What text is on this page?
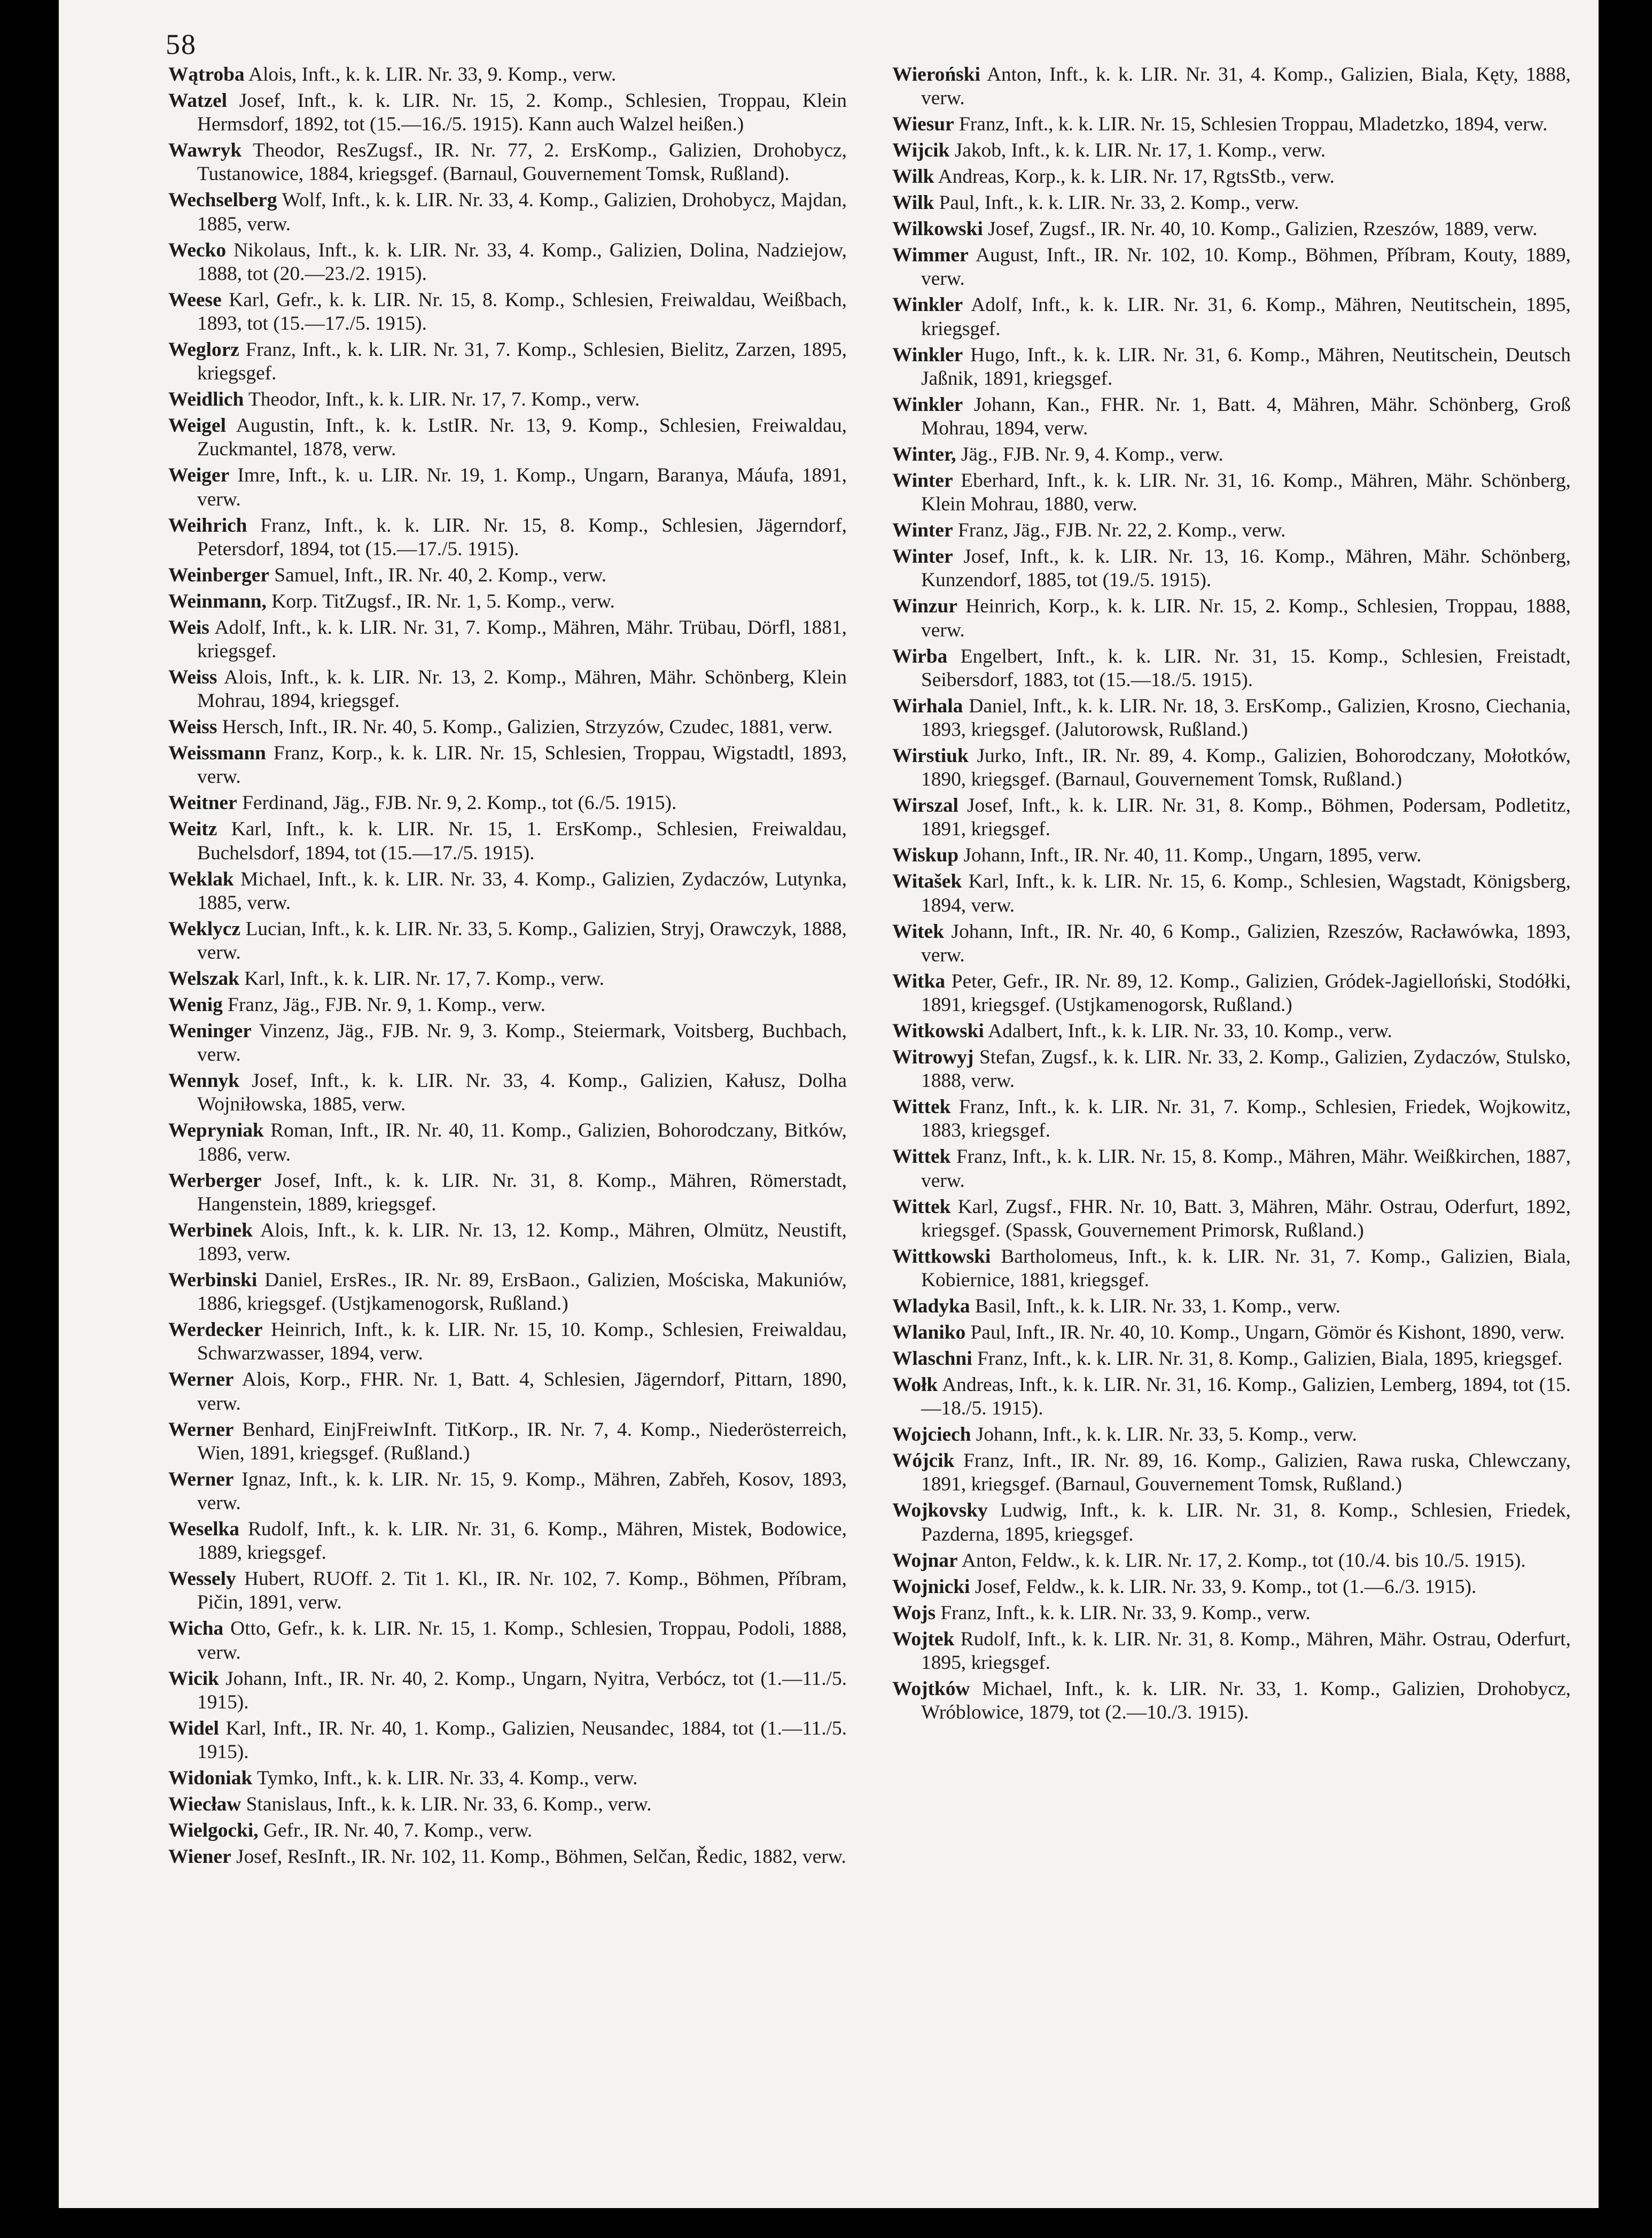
58

Wątroba Alois, Inft., k. k. LIR. Nr. 33, 9. Komp., verw.

Watzel Josef, Inft., k. k. LIR. Nr. 15, 2. Komp., Schlesien, Troppau, Klein Hermsdorf, 1892, tot (15.—16./5. 1915). Kann auch Walzel heißen.)

Wawryk Theodor, ResZugsf., IR. Nr. 77, 2. ErsKomp., Galizien, Drohobycz, Tustanowice, 1884, kriegsgef. (Barnaul, Gouvernement Tomsk, Rußland).

Wechselberg Wolf, Inft., k. k. LIR. Nr. 33, 4. Komp., Galizien, Drohobycz, Majdan, 1885, verw.

Wecko Nikolaus, Inft., k. k. LIR. Nr. 33, 4. Komp., Galizien, Dolina, Nadziejow, 1888, tot (20.—23./2. 1915).

Weese Karl, Gefr., k. k. LIR. Nr. 15, 8. Komp., Schlesien, Freiwaldau, Weißbach, 1893, tot (15.—17./5. 1915).

Weglorz Franz, Inft., k. k. LIR. Nr. 31, 7. Komp., Schlesien, Bielitz, Zarzen, 1895, kriegsgef.

Weidlich Theodor, Inft., k. k. LIR. Nr. 17, 7. Komp., verw.

Weigel Augustin, Inft., k. k. LstIR. Nr. 13, 9. Komp., Schlesien, Freiwaldau, Zuckmantel, 1878, verw.

Weiger Imre, Inft., k. u. LIR. Nr. 19, 1. Komp., Ungarn, Baranya, Máufa, 1891, verw.

Weihrich Franz, Inft., k. k. LIR. Nr. 15, 8. Komp., Schlesien, Jägerndorf, Petersdorf, 1894, tot (15.—17./5. 1915).

Weinberger Samuel, Inft., IR. Nr. 40, 2. Komp., verw.

Weinmann, Korp. TitZugsf., IR. Nr. 1, 5. Komp., verw.

Weis Adolf, Inft., k. k. LIR. Nr. 31, 7. Komp., Mähren, Mähr. Trübau, Dörfl, 1881, kriegsgef.

Weiss Alois, Inft., k. k. LIR. Nr. 13, 2. Komp., Mähren, Mähr. Schönberg, Klein Mohrau, 1894, kriegsgef.

Weiss Hersch, Inft., IR. Nr. 40, 5. Komp., Galizien, Strzyzów, Czudec, 1881, verw.

Weissmann Franz, Korp., k. k. LIR. Nr. 15, Schlesien, Troppau, Wigstadtl, 1893, verw.

Weitner Ferdinand, Jäg., FJB. Nr. 9, 2. Komp., tot (6./5. 1915).

Weitz Karl, Inft., k. k. LIR. Nr. 15, 1. ErsKomp., Schlesien, Freiwaldau, Buchelsdorf, 1894, tot (15.—17./5. 1915).

Weklak Michael, Inft., k. k. LIR. Nr. 33, 4. Komp., Galizien, Zydaczów, Lutynka, 1885, verw.

Weklycz Lucian, Inft., k. k. LIR. Nr. 33, 5. Komp., Galizien, Stryj, Orawczyk, 1888, verw.

Welszak Karl, Inft., k. k. LIR. Nr. 17, 7. Komp., verw.

Wenig Franz, Jäg., FJB. Nr. 9, 1. Komp., verw.

Weninger Vinzenz, Jäg., FJB. Nr. 9, 3. Komp., Steiermark, Voitsberg, Buchbach, verw.

Wennyk Josef, Inft., k. k. LIR. Nr. 33, 4. Komp., Galizien, Kałusz, Dolha Wojniłowska, 1885, verw.

Wepryniak Roman, Inft., IR. Nr. 40, 11. Komp., Galizien, Bohorodczany, Bitków, 1886, verw.

Werberger Josef, Inft., k. k. LIR. Nr. 31, 8. Komp., Mähren, Römerstadt, Hangenstein, 1889, kriegsgef.

Werbinek Alois, Inft., k. k. LIR. Nr. 13, 12. Komp., Mähren, Olmütz, Neustift, 1893, verw.

Werbinski Daniel, ErsRes., IR. Nr. 89, ErsBaon., Galizien, Mościska, Makuniów, 1886, kriegsgef. (Ustjkamenogorsk, Rußland.)

Werdecker Heinrich, Inft., k. k. LIR. Nr. 15, 10. Komp., Schlesien, Freiwaldau, Schwarzwasser, 1894, verw.

Werner Alois, Korp., FHR. Nr. 1, Batt. 4, Schlesien, Jägerndorf, Pittarn, 1890, verw.

Werner Benhard, EinjFreiwInft. TitKorp., IR. Nr. 7, 4. Komp., Niederösterreich, Wien, 1891, kriegsgef. (Rußland.)

Werner Ignaz, Inft., k. k. LIR. Nr. 15, 9. Komp., Mähren, Zabřeh, Kosov, 1893, verw.

Weselka Rudolf, Inft., k. k. LIR. Nr. 31, 6. Komp., Mähren, Mistek, Bodowice, 1889, kriegsgef.

Wessely Hubert, RUOff. 2. Tit 1. Kl., IR. Nr. 102, 7. Komp., Böhmen, Příbram, Pičin, 1891, verw.

Wicha Otto, Gefr., k. k. LIR. Nr. 15, 1. Komp., Schlesien, Troppau, Podoli, 1888, verw.

Wicik Johann, Inft., IR. Nr. 40, 2. Komp., Ungarn, Nyitra, Verbócz, tot (1.—11./5. 1915).

Widel Karl, Inft., IR. Nr. 40, 1. Komp., Galizien, Neusandec, 1884, tot (1.—11./5. 1915).

Widoniak Tymko, Inft., k. k. LIR. Nr. 33, 4. Komp., verw.

Wiecław Stanislaus, Inft., k. k. LIR. Nr. 33, 6. Komp., verw.

Wielgocki, Gefr., IR. Nr. 40, 7. Komp., verw.

Wiener Josef, ResInft., IR. Nr. 102, 11. Komp., Böhmen, Selčan, Ředic, 1882, verw.

Wieroński Anton, Inft., k. k. LIR. Nr. 31, 4. Komp., Galizien, Biala, Kęty, 1888, verw.

Wiesur Franz, Inft., k. k. LIR. Nr. 15, Schlesien Troppau, Mladetzko, 1894, verw.

Wijcik Jakob, Inft., k. k. LIR. Nr. 17, 1. Komp., verw.

Wilk Andreas, Korp., k. k. LIR. Nr. 17, RgtsStb., verw.

Wilk Paul, Inft., k. k. LIR. Nr. 33, 2. Komp., verw.

Wilkowski Josef, Zugsf., IR. Nr. 40, 10. Komp., Galizien, Rzeszów, 1889, verw.

Wimmer August, Inft., IR. Nr. 102, 10. Komp., Böhmen, Příbram, Kouty, 1889, verw.

Winkler Adolf, Inft., k. k. LIR. Nr. 31, 6. Komp., Mähren, Neutitschein, 1895, kriegsgef.

Winkler Hugo, Inft., k. k. LIR. Nr. 31, 6. Komp., Mähren, Neutitschein, Deutsch Jaßnik, 1891, kriegsgef.

Winkler Johann, Kan., FHR. Nr. 1, Batt. 4, Mähren, Mähr. Schönberg, Groß Mohrau, 1894, verw.

Winter, Jäg., FJB. Nr. 9, 4. Komp., verw.

Winter Eberhard, Inft., k. k. LIR. Nr. 31, 16. Komp., Mähren, Mähr. Schönberg, Klein Mohrau, 1880, verw.

Winter Franz, Jäg., FJB. Nr. 22, 2. Komp., verw.

Winter Josef, Inft., k. k. LIR. Nr. 13, 16. Komp., Mähren, Mähr. Schönberg, Kunzendorf, 1885, tot (19./5. 1915).

Winzur Heinrich, Korp., k. k. LIR. Nr. 15, 2. Komp., Schlesien, Troppau, 1888, verw.

Wirba Engelbert, Inft., k. k. LIR. Nr. 31, 15. Komp., Schlesien, Freistadt, Seibersdorf, 1883, tot (15.—18./5. 1915).

Wirhala Daniel, Inft., k. k. LIR. Nr. 18, 3. ErsKomp., Galizien, Krosno, Ciechania, 1893, kriegsgef. (Jalutorowsk, Rußland.)

Wirstiuk Jurko, Inft., IR. Nr. 89, 4. Komp., Galizien, Bohorodczany, Mołotków, 1890, kriegsgef. (Barnaul, Gouvernement Tomsk, Rußland.)

Wirszal Josef, Inft., k. k. LIR. Nr. 31, 8. Komp., Böhmen, Podersam, Podletitz, 1891, kriegsgef.

Wiskup Johann, Inft., IR. Nr. 40, 11. Komp., Ungarn, 1895, verw.

Witašek Karl, Inft., k. k. LIR. Nr. 15, 6. Komp., Schlesien, Wagstadt, Königsberg, 1894, verw.

Witek Johann, Inft., IR. Nr. 40, 6 Komp., Galizien, Rzeszów, Racławówka, 1893, verw.

Witka Peter, Gefr., IR. Nr. 89, 12. Komp., Galizien, Gródek-Jagielloński, Stodółki, 1891, kriegsgef. (Ustjkamenogorsk, Rußland.)

Witkowski Adalbert, Inft., k. k. LIR. Nr. 33, 10. Komp., verw.

Witrowyj Stefan, Zugsf., k. k. LIR. Nr. 33, 2. Komp., Galizien, Zydaczów, Stulsko, 1888, verw.

Wittek Franz, Inft., k. k. LIR. Nr. 31, 7. Komp., Schlesien, Friedek, Wojkowitz, 1883, kriegsgef.

Wittek Franz, Inft., k. k. LIR. Nr. 15, 8. Komp., Mähren, Mähr. Weißkirchen, 1887, verw.

Wittek Karl, Zugsf., FHR. Nr. 10, Batt. 3, Mähren, Mähr. Ostrau, Oderfurt, 1892, kriegsgef. (Spassk, Gouvernement Primorsk, Rußland.)

Wittkowski Bartholomeus, Inft., k. k. LIR. Nr. 31, 7. Komp., Galizien, Biala, Kobiernice, 1881, kriegsgef.

Wladyka Basil, Inft., k. k. LIR. Nr. 33, 1. Komp., verw.

Wlaniko Paul, Inft., IR. Nr. 40, 10. Komp., Ungarn, Gömör és Kishont, 1890, verw.

Wlaschni Franz, Inft., k. k. LIR. Nr. 31, 8. Komp., Galizien, Biala, 1895, kriegsgef.

Wołk Andreas, Inft., k. k. LIR. Nr. 31, 16. Komp., Galizien, Lemberg, 1894, tot (15.—18./5. 1915).

Wojciech Johann, Inft., k. k. LIR. Nr. 33, 5. Komp., verw.

Wójcik Franz, Inft., IR. Nr. 89, 16. Komp., Galizien, Rawa ruska, Chlewczany, 1891, kriegsgef. (Barnaul, Gouvernement Tomsk, Rußland.)

Wojkovsky Ludwig, Inft., k. k. LIR. Nr. 31, 8. Komp., Schlesien, Friedek, Pazderna, 1895, kriegsgef.

Wojnar Anton, Feldw., k. k. LIR. Nr. 17, 2. Komp., tot (10./4. bis 10./5. 1915).

Wojnicki Josef, Feldw., k. k. LIR. Nr. 33, 9. Komp., tot (1.—6./3. 1915).

Wojs Franz, Inft., k. k. LIR. Nr. 33, 9. Komp., verw.

Wojtek Rudolf, Inft., k. k. LIR. Nr. 31, 8. Komp., Mähren, Mähr. Ostrau, Oderfurt, 1895, kriegsgef.

Wojtków Michael, Inft., k. k. LIR. Nr. 33, 1. Komp., Galizien, Drohobycz, Wróblowice, 1879, tot (2.—10./3. 1915).
